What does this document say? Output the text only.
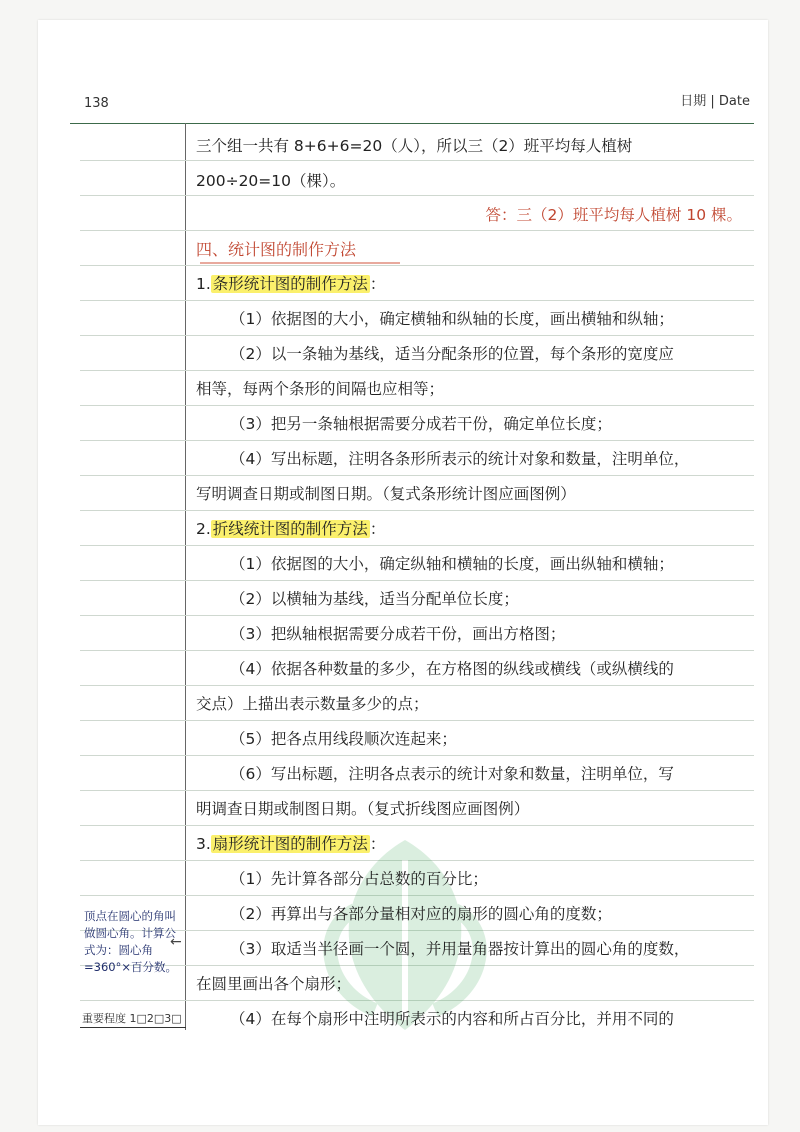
138	日期 | Date
三个组一共有 8+6+6=20（人），所以三（2）班平均每人植树
200÷20=10（棵）。
答：三（2）班平均每人植树 10 棵。
四、统计图的制作方法
1. 条形统计图的制作方法 ：
（1）依据图的大小，确定横轴和纵轴的长度，画出横轴和纵轴；
（2）以一条轴为基线，适当分配条形的位置，每个条形的宽度应
相等，每两个条形的间隔也应相等；
（3）把另一条轴根据需要分成若干份，确定单位长度；
（4）写出标题，注明各条形所表示的统计对象和数量，注明单位，
写明调查日期或制图日期。（复式条形统计图应画图例）
2. 折线统计图的制作方法 ：
（1）依据图的大小，确定纵轴和横轴的长度，画出纵轴和横轴；
（2）以横轴为基线，适当分配单位长度；
（3）把纵轴根据需要分成若干份，画出方格图；
（4）依据各种数量的多少，在方格图的纵线或横线（或纵横线的
交点）上描出表示数量多少的点；
（5）把各点用线段顺次连起来；
（6）写出标题，注明各点表示的统计对象和数量，注明单位，写
明调查日期或制图日期。（复式折线图应画图例）
3. 扇形统计图的制作方法 ：
（1）先计算各部分占总数的百分比；
（2）再算出与各部分量相对应的扇形的圆心角的度数；
（3）取适当半径画一个圆，并用量角器按计算出的圆心角的度数，
在圆里画出各个扇形；
（4）在每个扇形中注明所表示的内容和所占百分比，并用不同的
顶点在圆心的角叫做圆心角。计算公式为：圆心角=360°×百分数。
←
重要程度 1□2□3□
